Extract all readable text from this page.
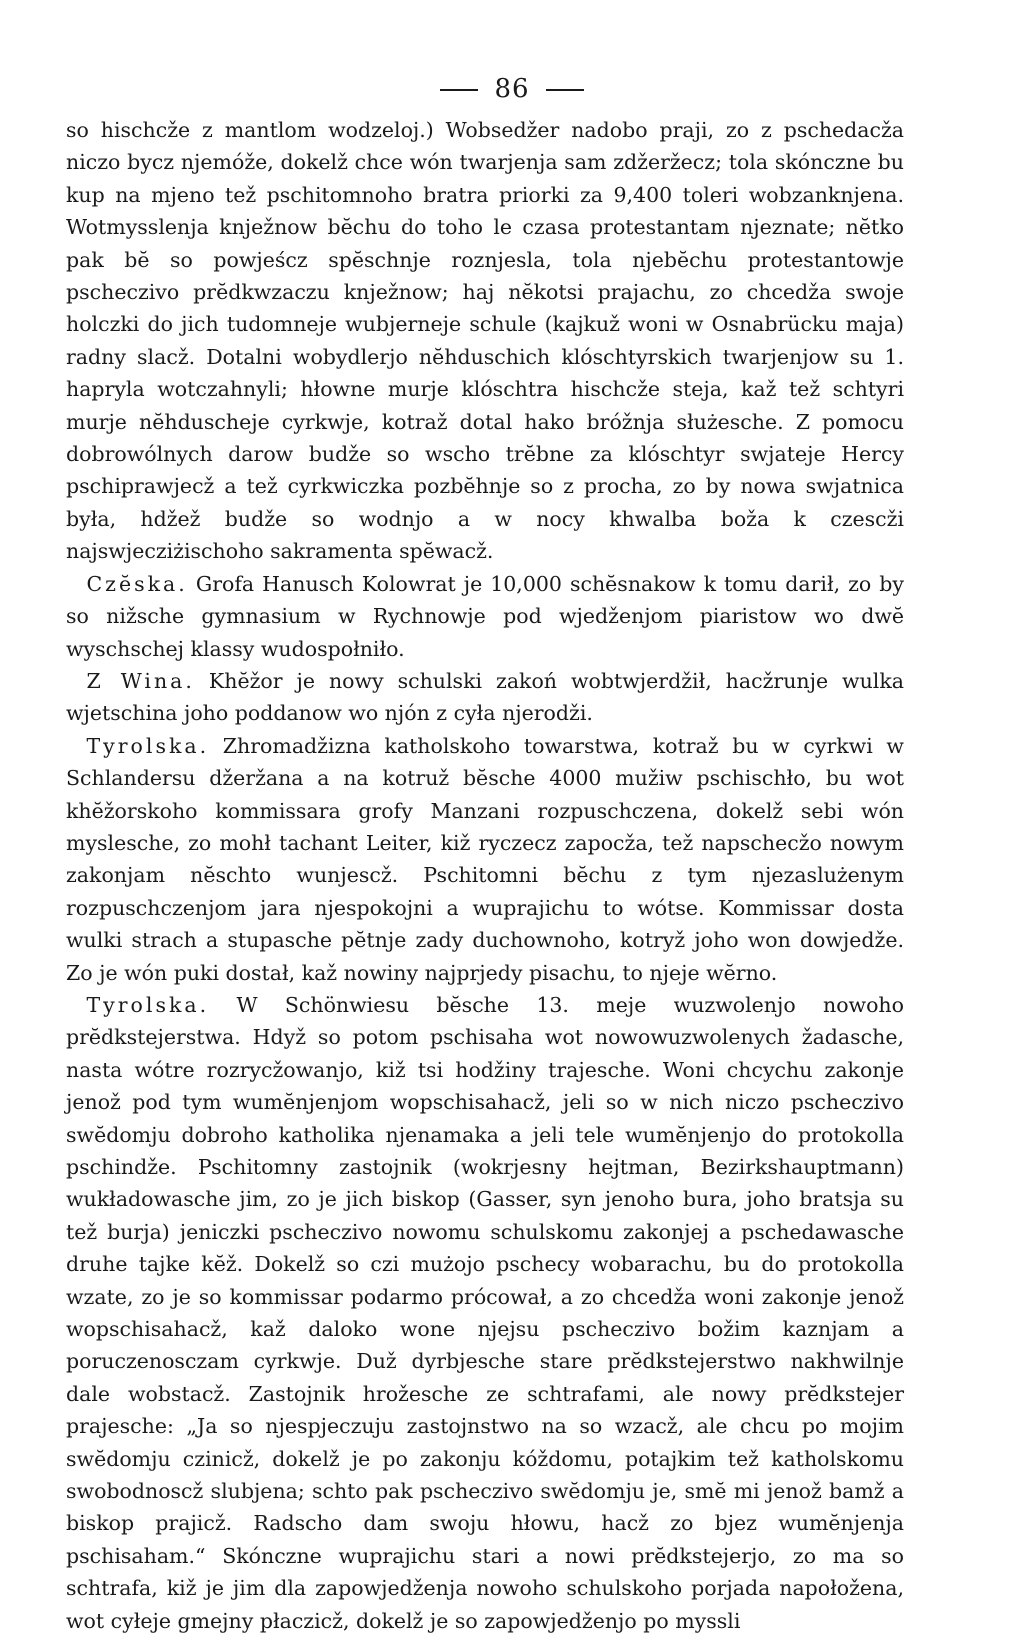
86

so hischcže z mantlom wodzeloj.) Wobsedžer nadobo praji, zo z pschedacža niczo bycz njemóže, dokelž chce wón twarjenja sam zdžeržecz; tola skónczne bu kup na mjeno tež pschitomnoho bratra priorki za 9,400 toleri wobzanknjena. Wotmysslenja knježnow bĕchu do toho le czasa protestantam njeznate; nĕtko pak bĕ so powjeścz spĕschnje roznjesla, tola njebĕchu protestantowje pscheczivo prĕdkwzaczu knježnow; haj nĕkotsi prajachu, zo chcedža swoje holczki do jich tudomneje wubjerneje schule (kajkuž woni w Osnabrücku maja) radny slacž. Dotalni wobydlerjo nĕhduschich klóschtyrskich twarjenjow su 1. hapryla wotczahnyli; hłowne murje klóschtra hischcže steja, kaž tež schtyri murje nĕhduscheje cyrkwje, kotraž dotal hako bróžnja służesche. Z pomocu dobrowólnych darow budže so wscho trĕbne za klóschtyr swjateje Hercy pschiprawjecž a tež cyrkwiczka pozbĕhnje so z procha, zo by nowa swjatnica była, hdžež budže so wodnjo a w nocy khwalba boža k czescži najswjecziżischoho sakramenta spĕwacž.

 Czĕska. Grofa Hanusch Kolowrat je 10,000 schĕsnakow k tomu darił, zo by so nižsche gymnasium w Rychnowje pod wjedženjom piaristow wo dwĕ wyschschej klassy wudospołniło.

 Z Wina. Khĕžor je nowy schulski zakoń wobtwjerdžił, hacžrunje wulka wjetschina joho poddanow wo njón z cyła njerodži.

 Tyrolska. Zhromadžizna katholskoho towarstwa, kotraž bu w cyrkwi w Schlandersu džeržana a na kotruž bĕsche 4000 mužiw pschischło, bu wot khĕžorskoho kommissara grofy Manzani rozpuschczena, dokelž sebi wón myslesche, zo mohł tachant Leiter, kiž ryczecz zapocža, tež napschecžo nowym zakonjam nĕschto wunjescž. Pschitomni bĕchu z tym njezaslużenym rozpuschczenjom jara njespokojni a wuprajichu to wótse. Kommissar dosta wulki strach a stupasche pĕtnje zady duchownoho, kotryž joho won dowjedže. Zo je wón puki dostał, kaž nowiny najprjedy pisachu, to njeje wĕrno.

 Tyrolska. W Schönwiesu bĕsche 13. meje wuzwolenjo nowoho prĕdkstejerstwa. Hdyž so potom pschisaha wot nowowuzwolenych žadasche, nasta wótre rozrycžowanjo, kiž tsi hodžiny trajesche. Woni chcychu zakonje jenož pod tym wumĕnjenjom wopschisahacž, jeli so w nich niczo pscheczivo swĕdomju dobroho katholika njenamaka a jeli tele wumĕnjenjo do protokolla pschindže. Pschitomny zastojnik (wokrjesny hejtman, Bezirkshauptmann) wukładowasche jim, zo je jich biskop (Gasser, syn jenoho bura, joho bratsja su tež burja) jeniczki pscheczivo nowomu schulskomu zakonjej a pschedawasche druhe tajke kĕž. Dokelž so czi mużojo pschecy wobarachu, bu do protokolla wzate, zo je so kommissar podarmo prócował, a zo chcedža woni zakonje jenož wopschisahacž, kaž daloko wone njejsu pscheczivo božim kaznjam a poruczenosczam cyrkwje. Duž dyrbjesche stare prĕdkstejerstwo nakhwilnje dale wobstacž. Zastojnik hrožesche ze schtrafami, ale nowy prĕdkstejer prajesche: „Ja so njespjeczuju zastojnstwo na so wzacž, ale chcu po mojim swĕdomju czinicž, dokelž je po zakonju kóždomu, potajkim tež katholskomu swobodnoscž slubjena; schto pak pscheczivo swĕdomju je, smĕ mi jenož bamž a biskop prajicž. Radscho dam swoju hłowu, hacž zo bjez wumĕnjenja pschisaham.“ Skónczne wuprajichu stari a nowi prĕdkstejerjo, zo ma so schtrafa, kiž je jim dla zapowjedženja nowoho schulskoho porjada napołožena, wot cyłeje gmejny płaczicž, dokelž je so zapowjedženjo po myssli
